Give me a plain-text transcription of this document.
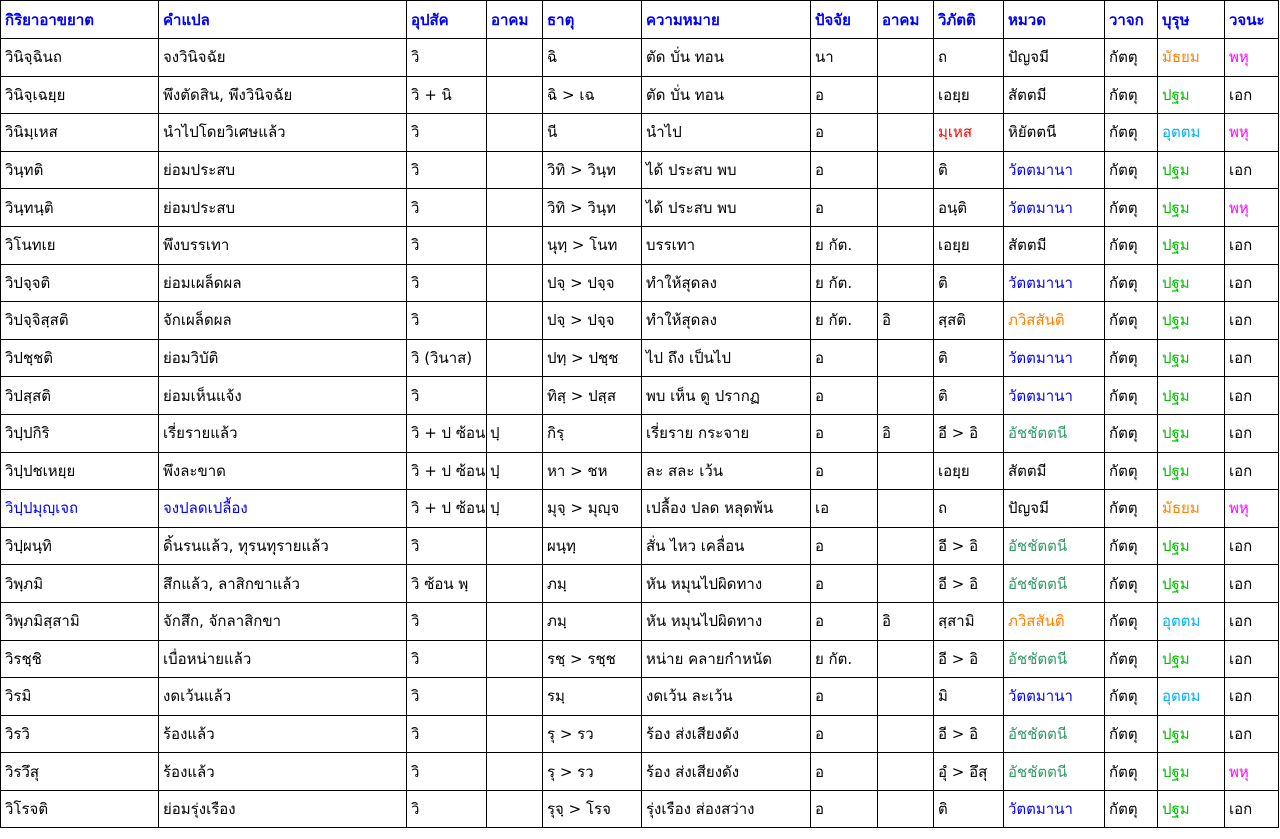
กิริยาอาขยาต	คำแปล	อุปสัค	อาคม	ธาตุ	ความหมาย	ปัจจัย	อาคม	วิภัตติ	หมวด	วาจก	บุรุษ	วจนะ
วินิจฺฉินถ	จงวินิจฉัย	วิ		ฉิ	ตัด บั่น ทอน	นา		ถ	ปัญจมี	กัตตุ	มัธยม	พหุ
วินิจฺเฉยฺย	พึงตัดสิน, พึงวินิจฉัย	วิ + นิ		ฉิ > เฉ	ตัด บั่น ทอน	อ		เอยฺย	สัตตมี	กัตตุ	ปฐม	เอก
วินิมฺเหส	นำไปโดยวิเศษแล้ว	วิ		นี	นำไป	อ		มฺเหส	หิยัตตนี	กัตตุ	อุตตม	พหุ
วินฺทติ	ย่อมประสบ	วิ		วิทิ > วินฺท	ได้ ประสบ พบ	อ		ติ	วัตตมานา	กัตตุ	ปฐม	เอก
วินฺทนฺติ	ย่อมประสบ	วิ		วิทิ > วินฺท	ได้ ประสบ พบ	อ		อนฺติ	วัตตมานา	กัตตุ	ปฐม	พหุ
วิโนทเย	พึงบรรเทา	วิ		นุทฺ > โนท	บรรเทา	ย กัต.		เอยฺย	สัตตมี	กัตตุ	ปฐม	เอก
วิปจฺจติ	ย่อมเผล็ดผล	วิ		ปจฺ > ปจฺจ	ทำให้สุดลง	ย กัต.		ติ	วัตตมานา	กัตตุ	ปฐม	เอก
วิปจฺจิสฺสติ	จักเผล็ดผล	วิ		ปจฺ > ปจฺจ	ทำให้สุดลง	ย กัต.	อิ	สฺสติ	ภวิสสันติ	กัตตุ	ปฐม	เอก
วิปชฺชติ	ย่อมวิบัติ	วิ (วินาส)		ปทฺ > ปชฺช	ไป ถึง เป็นไป	อ		ติ	วัตตมานา	กัตตุ	ปฐม	เอก
วิปสฺสติ	ย่อมเห็นแจ้ง	วิ		ทิสฺ > ปสฺส	พบ เห็น ดู ปรากฏ	อ		ติ	วัตตมานา	กัตตุ	ปฐม	เอก
วิปฺปกิริ	เรี่ยรายแล้ว	วิ + ป ซ้อน ปฺ		กิรฺ	เรี่ยราย กระจาย	อ	อิ	อี > อิ	อัชชัตตนี	กัตตุ	ปฐม	เอก
วิปฺปชเหยฺย	พึงละขาด	วิ + ป ซ้อน ปฺ		หา > ชห	ละ สละ เว้น	อ		เอยฺย	สัตตมี	กัตตุ	ปฐม	เอก
วิปฺปมุญฺเจถ	จงปลดเปลื้อง	วิ + ป ซ้อน ปฺ		มุจฺ > มุญฺจ	เปลื้อง ปลด หลุดพ้น	เอ		ถ	ปัญจมี	กัตตุ	มัธยม	พหุ
วิปฺผนฺทิ	ดิ้นรนแล้ว, ทุรนทุรายแล้ว	วิ		ผนฺทฺ	สั่น ไหว เคลื่อน	อ		อี > อิ	อัชชัตตนี	กัตตุ	ปฐม	เอก
วิพฺภมิ	สึกแล้ว, ลาสิกขาแล้ว	วิ ซ้อน พฺ		ภมฺ	หัน หมุนไปผิดทาง	อ		อี > อิ	อัชชัตตนี	กัตตุ	ปฐม	เอก
วิพฺภมิสฺสามิ	จักสึก, จักลาสิกขา	วิ		ภมฺ	หัน หมุนไปผิดทาง	อ	อิ	สฺสามิ	ภวิสสันติ	กัตตุ	อุตตม	เอก
วิรชฺชิ	เบื่อหน่ายแล้ว	วิ		รชฺ > รชฺช	หน่าย คลายกำหนัด	ย กัต.		อี > อิ	อัชชัตตนี	กัตตุ	ปฐม	เอก
วิรมิ	งดเว้นแล้ว	วิ		รมฺ	งดเว้น ละเว้น	อ		มิ	วัตตมานา	กัตตุ	อุตตม	เอก
วิรวิ	ร้องแล้ว	วิ		รุ > รว	ร้อง ส่งเสียงดัง	อ		อี > อิ	อัชชัตตนี	กัตตุ	ปฐม	เอก
วิรวึสุ	ร้องแล้ว	วิ		รุ > รว	ร้อง ส่งเสียงดัง	อ		อุํ > อึสุ	อัชชัตตนี	กัตตุ	ปฐม	พหุ
วิโรจติ	ย่อมรุ่งเรือง	วิ		รุจฺ > โรจ	รุ่งเรือง ส่องสว่าง	อ		ติ	วัตตมานา	กัตตุ	ปฐม	เอก
